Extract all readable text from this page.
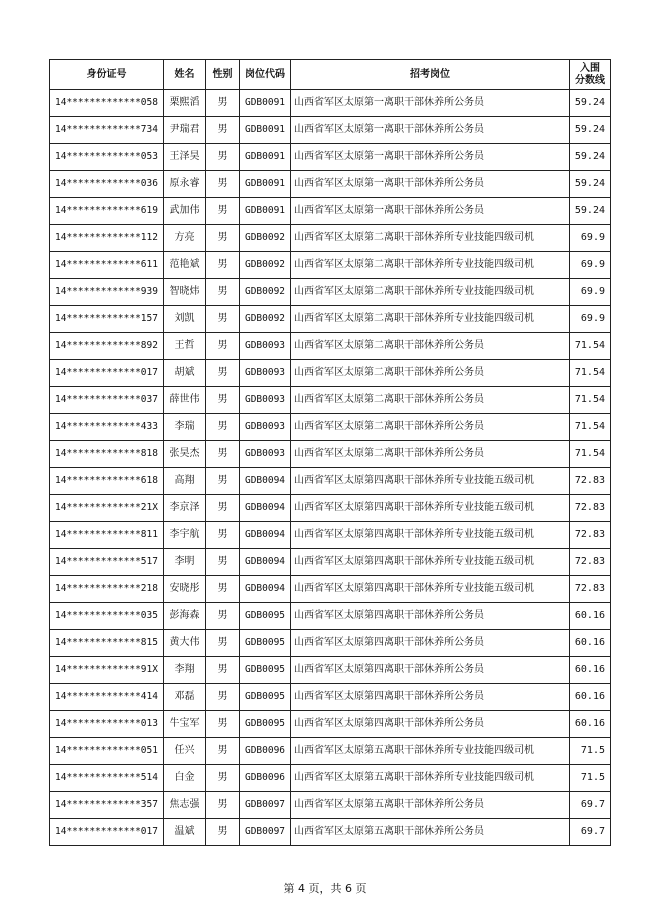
身份证号	姓名	性别	岗位代码	招考岗位	入围
分数线

14*************058	栗熙滔	男	GDB0091	山西省军区太原第一离职干部休养所公务员	59.24
14*************734	尹瑞君	男	GDB0091	山西省军区太原第一离职干部休养所公务员	59.24
14*************053	王泽昊	男	GDB0091	山西省军区太原第一离职干部休养所公务员	59.24
14*************036	原永睿	男	GDB0091	山西省军区太原第一离职干部休养所公务员	59.24
14*************619	武加伟	男	GDB0091	山西省军区太原第一离职干部休养所公务员	59.24
14*************112	方亮	男	GDB0092	山西省军区太原第二离职干部休养所专业技能四级司机	69.9
14*************611	范艳斌	男	GDB0092	山西省军区太原第二离职干部休养所专业技能四级司机	69.9
14*************939	智晓炜	男	GDB0092	山西省军区太原第二离职干部休养所专业技能四级司机	69.9
14*************157	刘凯	男	GDB0092	山西省军区太原第二离职干部休养所专业技能四级司机	69.9
14*************892	王哲	男	GDB0093	山西省军区太原第二离职干部休养所公务员	71.54
14*************017	胡斌	男	GDB0093	山西省军区太原第二离职干部休养所公务员	71.54
14*************037	薛世伟	男	GDB0093	山西省军区太原第二离职干部休养所公务员	71.54
14*************433	李瑞	男	GDB0093	山西省军区太原第二离职干部休养所公务员	71.54
14*************818	张昊杰	男	GDB0093	山西省军区太原第二离职干部休养所公务员	71.54
14*************618	高翔	男	GDB0094	山西省军区太原第四离职干部休养所专业技能五级司机	72.83
14*************21X	李京泽	男	GDB0094	山西省军区太原第四离职干部休养所专业技能五级司机	72.83
14*************811	李宇航	男	GDB0094	山西省军区太原第四离职干部休养所专业技能五级司机	72.83
14*************517	李明	男	GDB0094	山西省军区太原第四离职干部休养所专业技能五级司机	72.83
14*************218	安晓彤	男	GDB0094	山西省军区太原第四离职干部休养所专业技能五级司机	72.83
14*************035	彭海森	男	GDB0095	山西省军区太原第四离职干部休养所公务员	60.16
14*************815	黄大伟	男	GDB0095	山西省军区太原第四离职干部休养所公务员	60.16
14*************91X	李翔	男	GDB0095	山西省军区太原第四离职干部休养所公务员	60.16
14*************414	邓磊	男	GDB0095	山西省军区太原第四离职干部休养所公务员	60.16
14*************013	牛宝军	男	GDB0095	山西省军区太原第四离职干部休养所公务员	60.16
14*************051	任兴	男	GDB0096	山西省军区太原第五离职干部休养所专业技能四级司机	71.5
14*************514	白金	男	GDB0096	山西省军区太原第五离职干部休养所专业技能四级司机	71.5
14*************357	焦志强	男	GDB0097	山西省军区太原第五离职干部休养所公务员	69.7
14*************017	温斌	男	GDB0097	山西省军区太原第五离职干部休养所公务员	69.7
第 4 页，共 6 页
